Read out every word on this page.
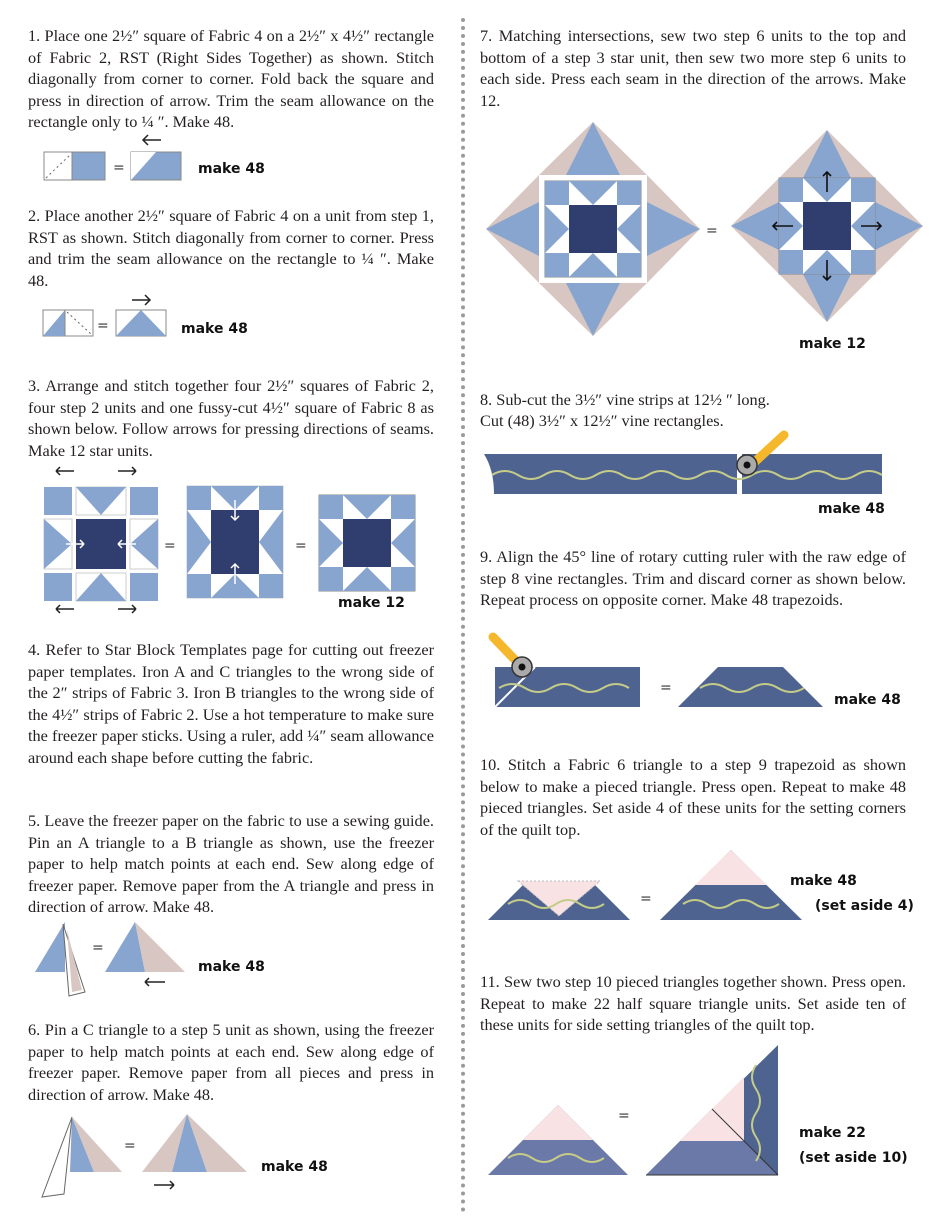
1. Place one 2½″ square of Fabric 4 on a 2½″ x 4½″ rectangle of Fabric 2, RST (Right Sides Together) as shown. Stitch diagonally from corner to corner. Fold back the square and press in direction of arrow. Trim the seam allowance on the rectangle only to ¼ ″. Make 48.

=	make 48

2. Place another 2½″ square of Fabric 4 on a unit from step 1, RST as shown. Stitch diagonally from corner to corner. Press and trim the seam allowance on the rectangle to ¼ ″. Make 48.

=	make 48

3. Arrange and stitch together four 2½″ squares of Fabric 2, four step 2 units and one fussy-cut 4½″ square of Fabric 8 as shown below. Follow arrows for pressing directions of seams. Make 12 star units.

=	=
make 12

4. Refer to Star Block Templates page for cutting out freezer paper templates. Iron A and C triangles to the wrong side of the 2″ strips of Fabric 3. Iron B triangles to the wrong side of the 4½″ strips of Fabric 2. Use a hot temperature to make sure the freezer paper sticks. Using a ruler, add ¼″ seam allowance around each shape before cutting the fabric.

5. Leave the freezer paper on the fabric to use a sewing guide. Pin an A triangle to a B triangle as shown, use the freezer paper to help match points at each end. Sew along edge of freezer paper. Remove paper from the A triangle and press in direction of arrow. Make 48.

=
make 48

6. Pin a C triangle to a step 5 unit as shown, using the freezer paper to help match points at each end. Sew along edge of freezer paper. Remove paper from all pieces and press in direction of arrow. Make 48.

=
make 48

7. Matching intersections, sew two step 6 units to the top and bottom of a step 3 star unit, then sew two more step 6 units to each side. Press each seam in the direction of the arrows. Make 12.

=
make 12

8. Sub-cut the 3½″ vine strips at 12½ ″ long.

Cut (48) 3½″ x 12½″ vine rectangles.

make 48

9. Align the 45° line of rotary cutting ruler with the raw edge of step 8 vine rectangles. Trim and discard corner as shown below. Repeat process on opposite corner. Make 48 trapezoids.

=
make 48

10. Stitch a Fabric 6 triangle to a step 9 trapezoid as shown below to make a pieced triangle. Press open. Repeat to make 48 pieced triangles. Set aside 4 of these units for the setting corners of the quilt top.

=
make 48
(set aside 4)

11. Sew two step 10 pieced triangles together shown. Press open. Repeat to make 22 half square triangle units. Set aside ten of these units for side setting triangles of the quilt top.

=
make 22
(set aside 10)
